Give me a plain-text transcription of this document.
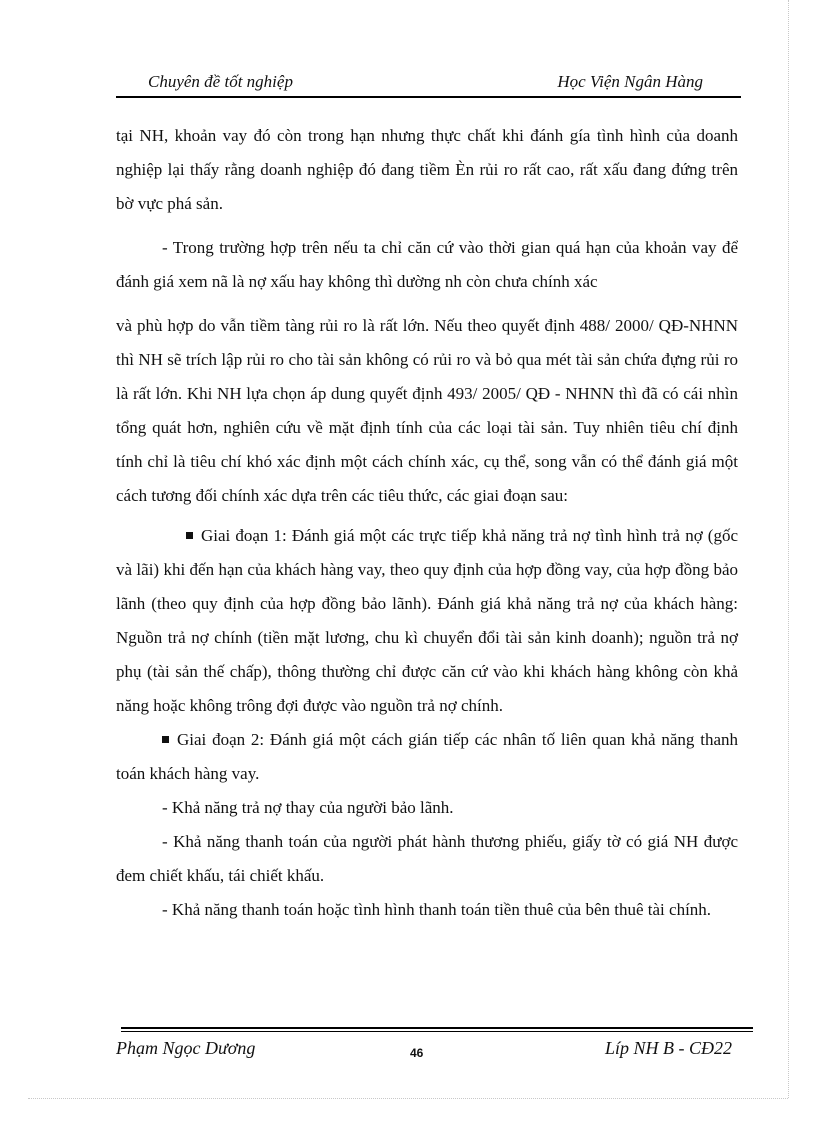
Chuyên đề tốt nghiệp	Học Viện Ngân Hàng

tại NH, khoản vay đó còn trong hạn nhưng thực chất khi đánh gía tình hình của doanh nghiệp lại thấy rằng doanh nghiệp đó đang tiềm Èn rủi ro rất cao, rất xấu đang đứng trên bờ vực phá sản.

- Trong trường hợp trên nếu ta chỉ căn cứ vào thời gian quá hạn của khoản vay để đánh giá xem nã là nợ xấu hay không thì dường nh còn chưa chính xác

và phù hợp do vẫn tiềm tàng rủi ro là rất lớn. Nếu theo quyết định 488/ 2000/ QĐ-NHNN thì NH sẽ trích lập rủi ro cho tài sản không có rủi ro và bỏ qua mét tài sản chứa đựng rủi ro là rất lớn. Khi NH lựa chọn áp dung quyết định 493/ 2005/ QĐ - NHNN thì đã có cái nhìn tổng quát hơn, nghiên cứu về mặt định tính của các loại tài sản. Tuy nhiên tiêu chí định tính chỉ là tiêu chí khó xác định một cách chính xác, cụ thể, song vẫn có thể đánh giá một cách tương đối chính xác dựa trên các tiêu thức, các giai đoạn sau:

Giai đoạn 1: Đánh giá một các trực tiếp khả năng trả nợ tình hình trả nợ (gốc và lãi) khi đến hạn của khách hàng vay, theo quy định của hợp đồng vay, của hợp đồng bảo lãnh (theo quy định của hợp đồng bảo lãnh). Đánh giá khả năng trả nợ của khách hàng: Nguồn trả nợ chính (tiền mặt lương, chu kì chuyển đổi tài sản kinh doanh); nguồn trả nợ phụ (tài sản thế chấp), thông thường chỉ được căn cứ vào khi khách hàng không còn khả năng hoặc không trông đợi được vào nguồn trả nợ chính.

Giai đoạn 2: Đánh giá một cách gián tiếp các nhân tố liên quan khả năng thanh toán khách hàng vay.

- Khả năng trả nợ thay của người bảo lãnh.

- Khả năng thanh toán của người phát hành thương phiếu, giấy tờ có giá NH được đem chiết khấu, tái chiết khấu.

- Khả năng thanh toán hoặc tình hình thanh toán tiền thuê của bên thuê tài chính.

Phạm Ngọc Dương	46	Líp NH B - CĐ22
